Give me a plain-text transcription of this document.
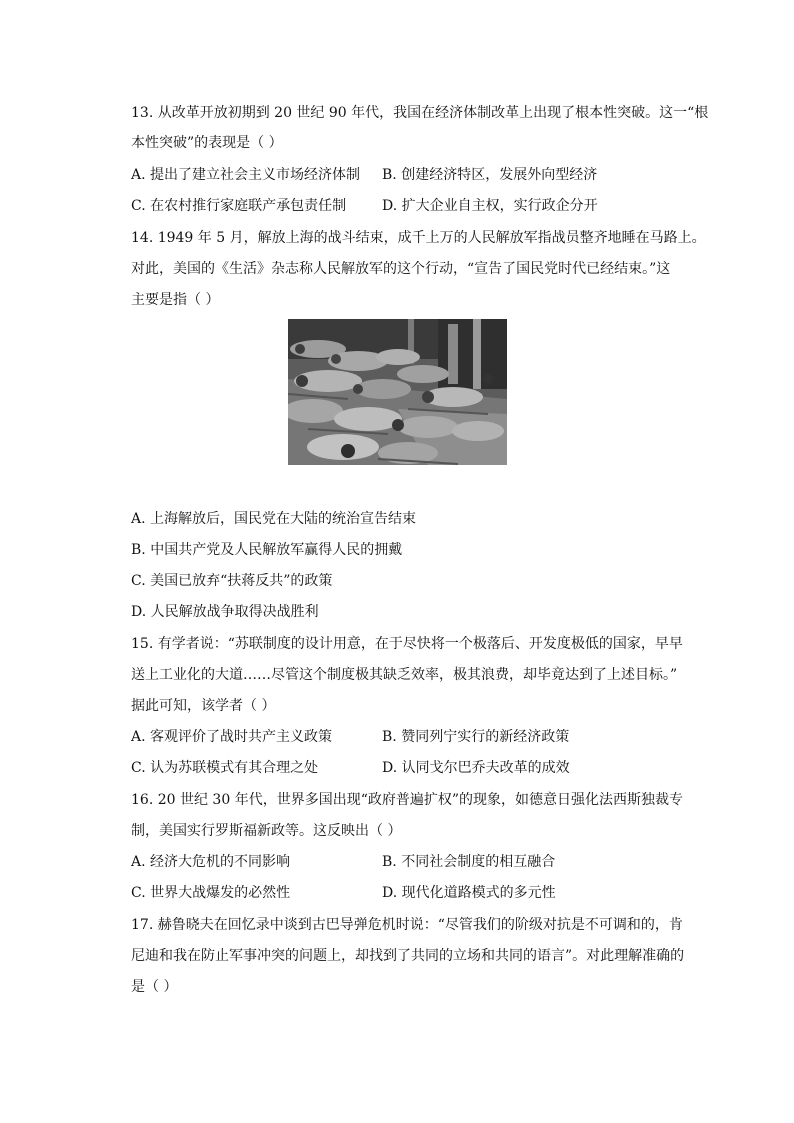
13. 从改革开放初期到 20 世纪 90 年代，我国在经济体制改革上出现了根本性突破。这一“根
本性突破”的表现是（ ）
A. 提出了建立社会主义市场经济体制 B. 创建经济特区，发展外向型经济
C. 在农村推行家庭联产承包责任制	D. 扩大企业自主权，实行政企分开
14. 1949 年 5 月，解放上海的战斗结束，成千上万的人民解放军指战员整齐地睡在马路上。
对此，美国的《生活》杂志称人民解放军的这个行动，“宣告了国民党时代已经结束。”这
主要是指（ ）
A. 上海解放后，国民党在大陆的统治宣告结束
B. 中国共产党及人民解放军赢得人民的拥戴
C. 美国已放弃“扶蒋反共”的政策
D. 人民解放战争取得决战胜利
15. 有学者说：“苏联制度的设计用意，在于尽快将一个极落后、开发度极低的国家，早早
送上工业化的大道……尽管这个制度极其缺乏效率，极其浪费，却毕竟达到了上述目标。”
据此可知，该学者（ ）
A. 客观评价了战时共产主义政策	B. 赞同列宁实行的新经济政策
C. 认为苏联模式有其合理之处	D. 认同戈尔巴乔夫改革的成效
16. 20 世纪 30 年代，世界多国出现“政府普遍扩权”的现象，如德意日强化法西斯独裁专
制，美国实行罗斯福新政等。这反映出（ ）
A. 经济大危机的不同影响	B. 不同社会制度的相互融合
C. 世界大战爆发的必然性	D. 现代化道路模式的多元性
17. 赫鲁晓夫在回忆录中谈到古巴导弹危机时说：“尽管我们的阶级对抗是不可调和的，肯
尼迪和我在防止军事冲突的问题上，却找到了共同的立场和共同的语言”。对此理解准确的
是（ ）
